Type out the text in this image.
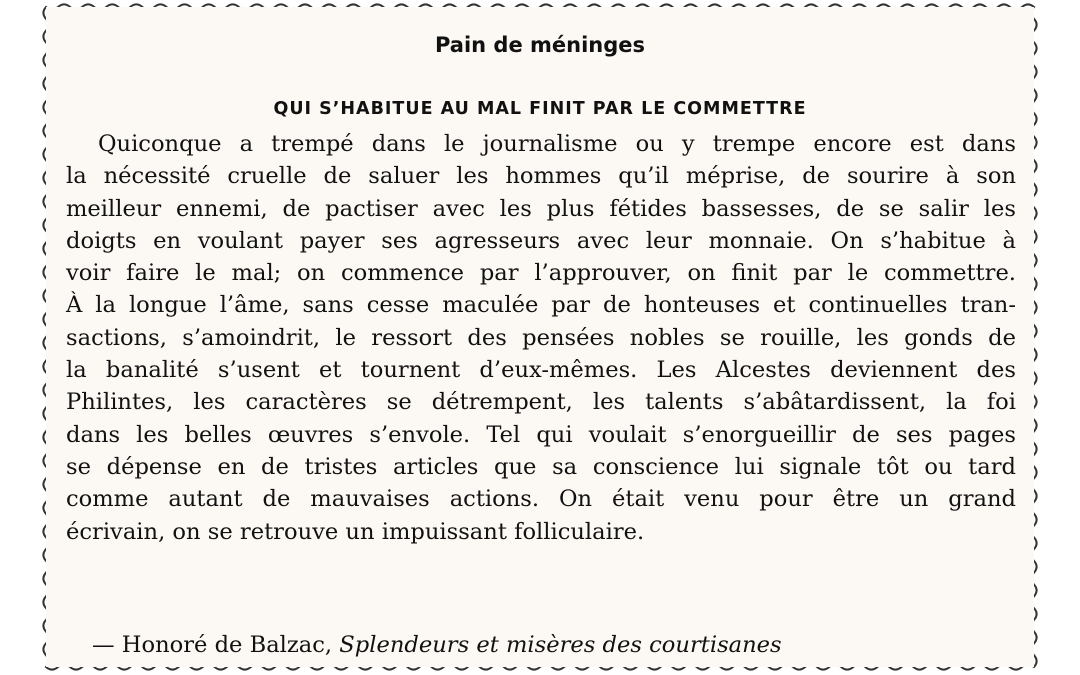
Pain de méninges
QUI S’HABITUE AU MAL FINIT PAR LE COMMETTRE
Quiconque a trempé dans le journalisme ou y trempe encore est dans
la nécessité cruelle de saluer les hommes qu’il méprise, de sourire à son
meilleur ennemi, de pactiser avec les plus fétides bassesses, de se salir les
doigts en voulant payer ses agresseurs avec leur monnaie. On s’habitue à
voir faire le mal; on commence par l’approuver, on finit par le commettre.
À la longue l’âme, sans cesse maculée par de honteuses et continuelles tran-
sactions, s’amoindrit, le ressort des pensées nobles se rouille, les gonds de
la banalité s’usent et tournent d’eux-mêmes. Les Alcestes deviennent des
Philintes, les caractères se détrempent, les talents s’abâtardissent, la foi
dans les belles œuvres s’envole. Tel qui voulait s’enorgueillir de ses pages
se dépense en de tristes articles que sa conscience lui signale tôt ou tard
comme autant de mauvaises actions. On était venu pour être un grand
écrivain, on se retrouve un impuissant folliculaire.
— Honoré de Balzac, Splendeurs et misères des courtisanes
